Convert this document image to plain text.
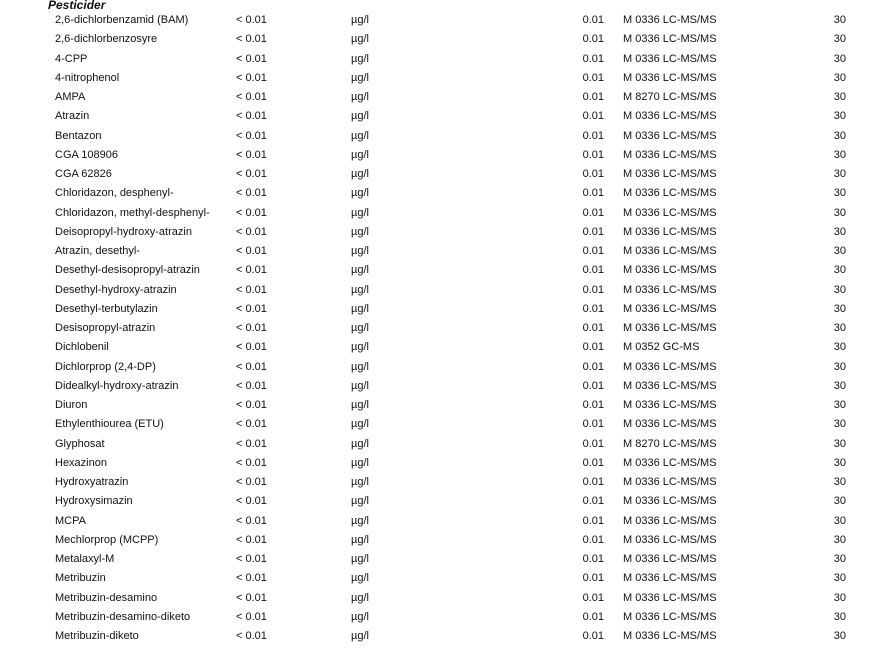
Pesticider
2,6-dichlorbenzamid (BAM)	< 0.01	µg/l	0.01 M 0336 LC-MS/MS	30
2,6-dichlorbenzosyre	< 0.01	µg/l	0.01 M 0336 LC-MS/MS	30
4-CPP	< 0.01	µg/l	0.01 M 0336 LC-MS/MS	30
4-nitrophenol	< 0.01	µg/l	0.01 M 0336 LC-MS/MS	30
AMPA	< 0.01	µg/l	0.01 M 8270 LC-MS/MS	30
Atrazin	< 0.01	µg/l	0.01 M 0336 LC-MS/MS	30
Bentazon	< 0.01	µg/l	0.01 M 0336 LC-MS/MS	30
CGA 108906	< 0.01	µg/l	0.01 M 0336 LC-MS/MS	30
CGA 62826	< 0.01	µg/l	0.01 M 0336 LC-MS/MS	30
Chloridazon, desphenyl-	< 0.01	µg/l	0.01 M 0336 LC-MS/MS	30
Chloridazon, methyl-desphenyl- < 0.01	µg/l	0.01 M 0336 LC-MS/MS	30
Deisopropyl-hydroxy-atrazin	< 0.01	µg/l	0.01 M 0336 LC-MS/MS	30
Atrazin, desethyl-	< 0.01	µg/l	0.01 M 0336 LC-MS/MS	30
Desethyl-desisopropyl-atrazin	< 0.01	µg/l	0.01 M 0336 LC-MS/MS	30
Desethyl-hydroxy-atrazin	< 0.01	µg/l	0.01 M 0336 LC-MS/MS	30
Desethyl-terbutylazin	< 0.01	µg/l	0.01 M 0336 LC-MS/MS	30
Desisopropyl-atrazin	< 0.01	µg/l	0.01 M 0336 LC-MS/MS	30
Dichlobenil	< 0.01	µg/l	0.01 M 0352 GC-MS	30
Dichlorprop (2,4-DP)	< 0.01	µg/l	0.01 M 0336 LC-MS/MS	30
Didealkyl-hydroxy-atrazin	< 0.01	µg/l	0.01 M 0336 LC-MS/MS	30
Diuron	< 0.01	µg/l	0.01 M 0336 LC-MS/MS	30
Ethylenthiourea (ETU)	< 0.01	µg/l	0.01 M 0336 LC-MS/MS	30
Glyphosat	< 0.01	µg/l	0.01 M 8270 LC-MS/MS	30
Hexazinon	< 0.01	µg/l	0.01 M 0336 LC-MS/MS	30
Hydroxyatrazin	< 0.01	µg/l	0.01 M 0336 LC-MS/MS	30
Hydroxysimazin	< 0.01	µg/l	0.01 M 0336 LC-MS/MS	30
MCPA	< 0.01	µg/l	0.01 M 0336 LC-MS/MS	30
Mechlorprop (MCPP)	< 0.01	µg/l	0.01 M 0336 LC-MS/MS	30
Metalaxyl-M	< 0.01	µg/l	0.01 M 0336 LC-MS/MS	30
Metribuzin	< 0.01	µg/l	0.01 M 0336 LC-MS/MS	30
Metribuzin-desamino	< 0.01	µg/l	0.01 M 0336 LC-MS/MS	30
Metribuzin-desamino-diketo	< 0.01	µg/l	0.01 M 0336 LC-MS/MS	30
Metribuzin-diketo	< 0.01	µg/l	0.01 M 0336 LC-MS/MS	30
